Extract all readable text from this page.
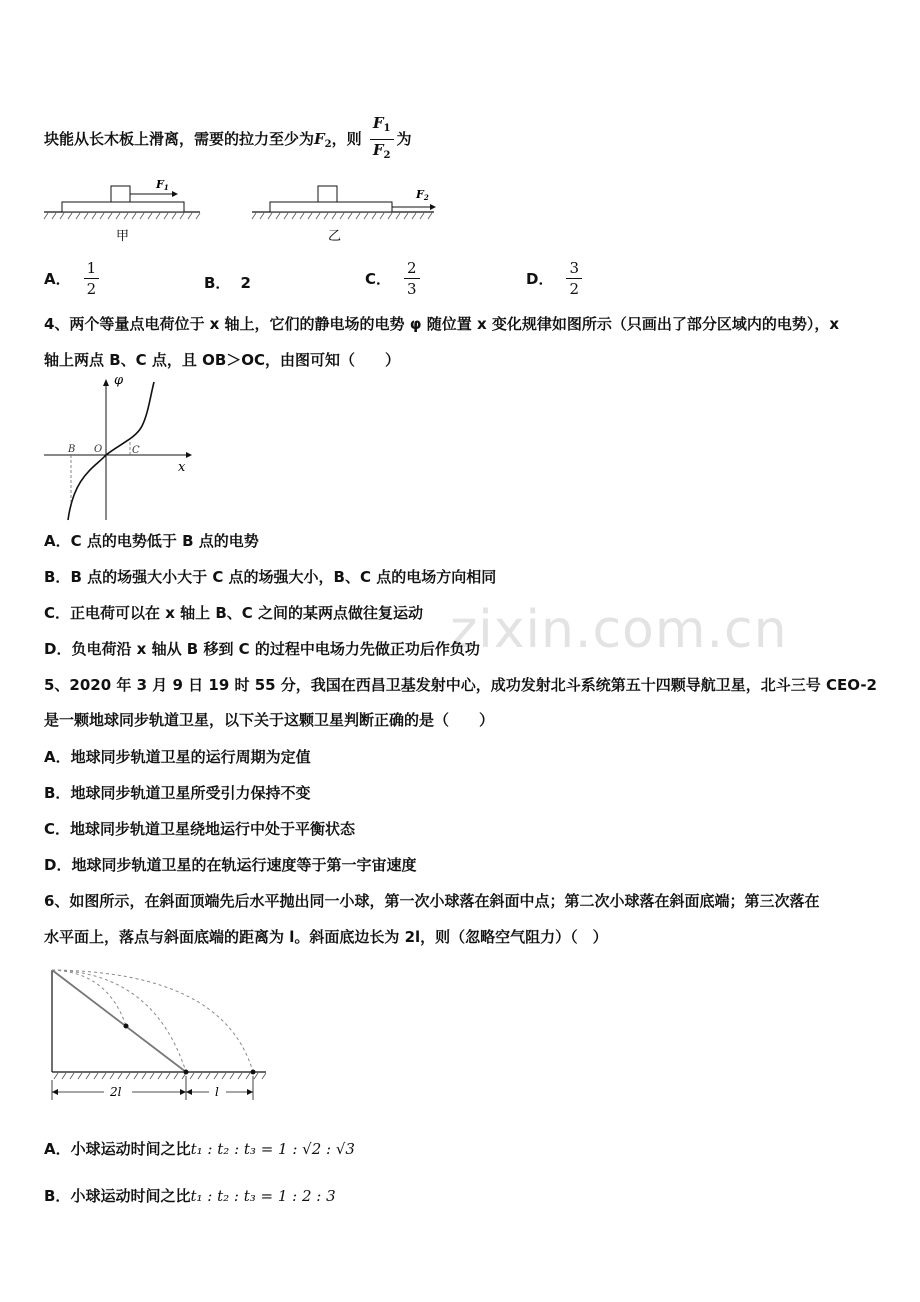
zixin.com.cn
块能从长木板上滑离，需要的拉力至少为$F_2$，则 $\frac{F_1}{F_2}$ 为
F1
甲
F2
乙
A． $\frac{1}{2}$	B． 2	C． $\frac{2}{3}$	D． $\frac{3}{2}$
4、两个等量点电荷位于 x 轴上，它们的静电场的电势 φ 随位置 x 变化规律如图所示（只画出了部分区域内的电势），x
轴上两点 B、C 点，且 OB＞OC，由图可知（　　）
φ
x
O
B	C
A．C 点的电势低于 B 点的电势
B．B 点的场强大小大于 C 点的场强大小，B、C 点的电场方向相同
C．正电荷可以在 x 轴上 B、C 之间的某两点做往复运动
D．负电荷沿 x 轴从 B 移到 C 的过程中电场力先做正功后作负功
5、2020 年 3 月 9 日 19 时 55 分，我国在西昌卫基发射中心，成功发射北斗系统第五十四颗导航卫星，北斗三号 CEO-2
是一颗地球同步轨道卫星，以下关于这颗卫星判断正确的是（　　）
A．地球同步轨道卫星的运行周期为定值
B．地球同步轨道卫星所受引力保持不变
C．地球同步轨道卫星绕地运行中处于平衡状态
D．地球同步轨道卫星的在轨运行速度等于第一宇宙速度
6、如图所示，在斜面顶端先后水平抛出同一小球，第一次小球落在斜面中点；第二次小球落在斜面底端；第三次落在
水平面上，落点与斜面底端的距离为 l。斜面底边长为 2l，则（忽略空气阻力）（　）
2l	l
A．小球运动时间之比t₁ : t₂ : t₃ = 1 : √2 : √3
B．小球运动时间之比t₁ : t₂ : t₃ = 1 : 2 : 3
